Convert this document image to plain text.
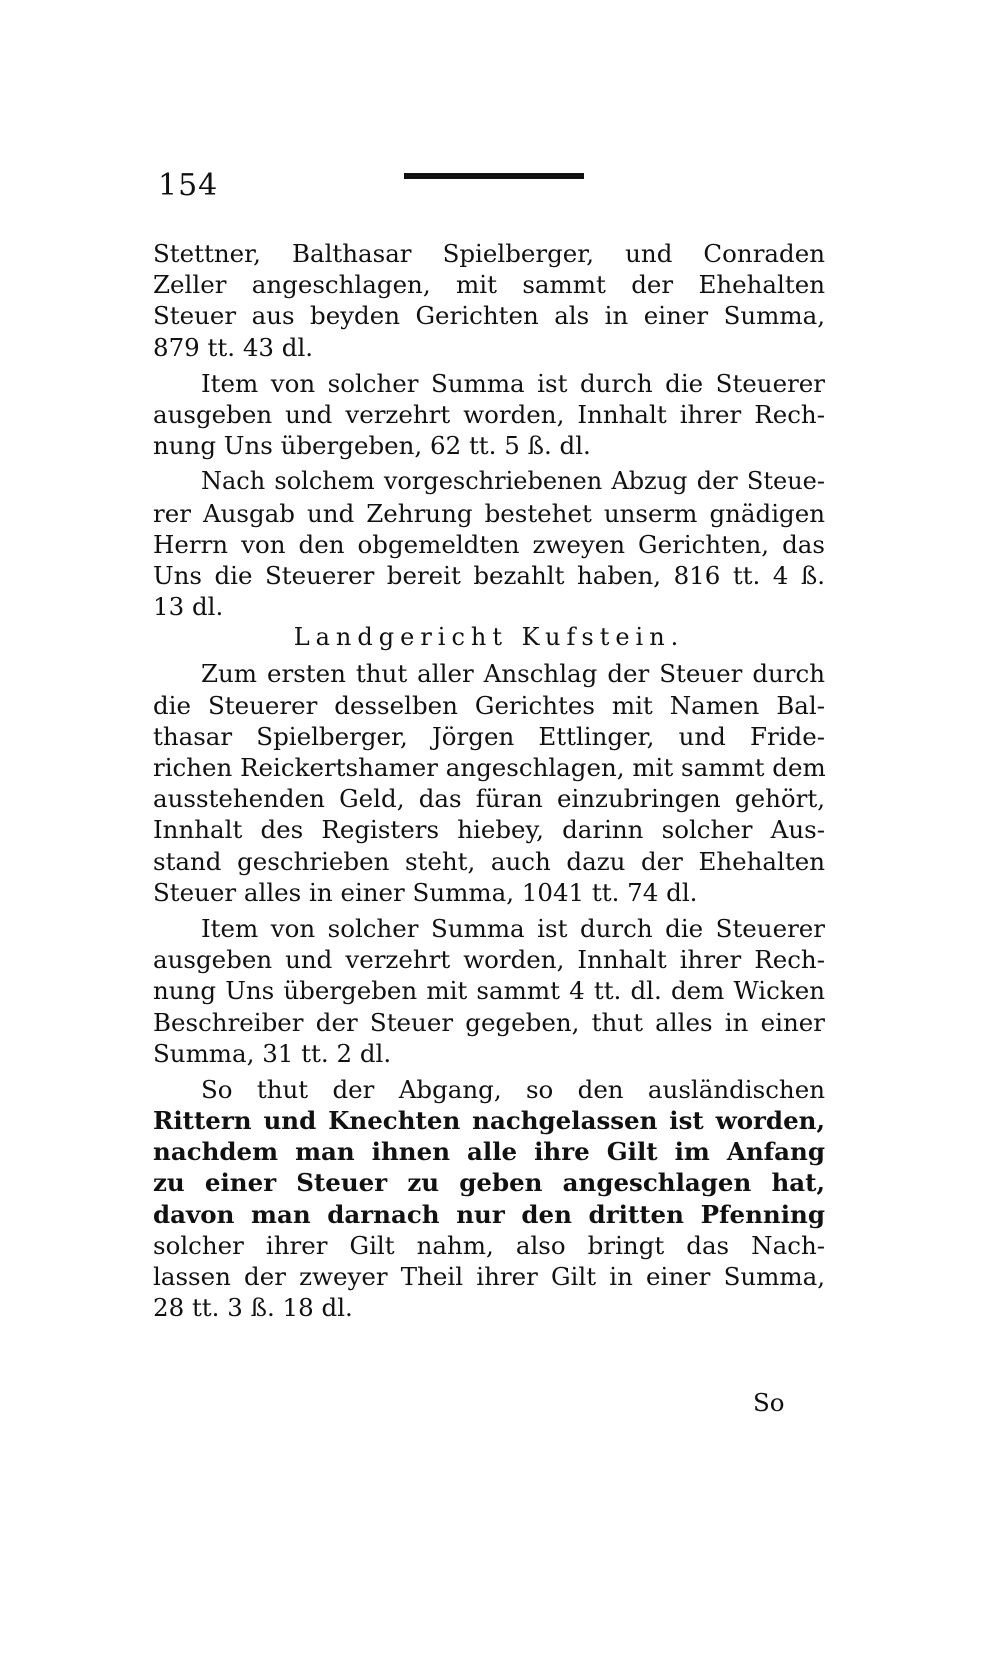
154
Stettner, Balthasar Spielberger, und Conraden
Zeller angeschlagen, mit sammt der Ehehalten
Steuer aus beyden Gerichten als in einer Summa,
879 tt. 43 dl.
Item von solcher Summa ist durch die Steuerer
ausgeben und verzehrt worden, Innhalt ihrer Rech-
nung Uns übergeben, 62 tt. 5 ß. dl.
Nach solchem vorgeschriebenen Abzug der Steue-
rer Ausgab und Zehrung bestehet unserm gnädigen
Herrn von den obgemeldten zweyen Gerichten, das
Uns die Steuerer bereit bezahlt haben, 816 tt. 4 ß.
13 dl.
Landgericht Kufstein.
Zum ersten thut aller Anschlag der Steuer durch
die Steuerer desselben Gerichtes mit Namen Bal-
thasar Spielberger, Jörgen Ettlinger, und Fride-
richen Reickertshamer angeschlagen, mit sammt dem
ausstehenden Geld, das füran einzubringen gehört,
Innhalt des Registers hiebey, darinn solcher Aus-
stand geschrieben steht, auch dazu der Ehehalten
Steuer alles in einer Summa, 1041 tt. 74 dl.
Item von solcher Summa ist durch die Steuerer
ausgeben und verzehrt worden, Innhalt ihrer Rech-
nung Uns übergeben mit sammt 4 tt. dl. dem Wicken
Beschreiber der Steuer gegeben, thut alles in einer
Summa, 31 tt. 2 dl.
So thut der Abgang, so den ausländischen
Rittern und Knechten nachgelassen ist worden,
nachdem man ihnen alle ihre Gilt im Anfang
zu einer Steuer zu geben angeschlagen hat,
davon man darnach nur den dritten Pfenning
solcher ihrer Gilt nahm, also bringt das Nach-
lassen der zweyer Theil ihrer Gilt in einer Summa,
28 tt. 3 ß. 18 dl.
So
